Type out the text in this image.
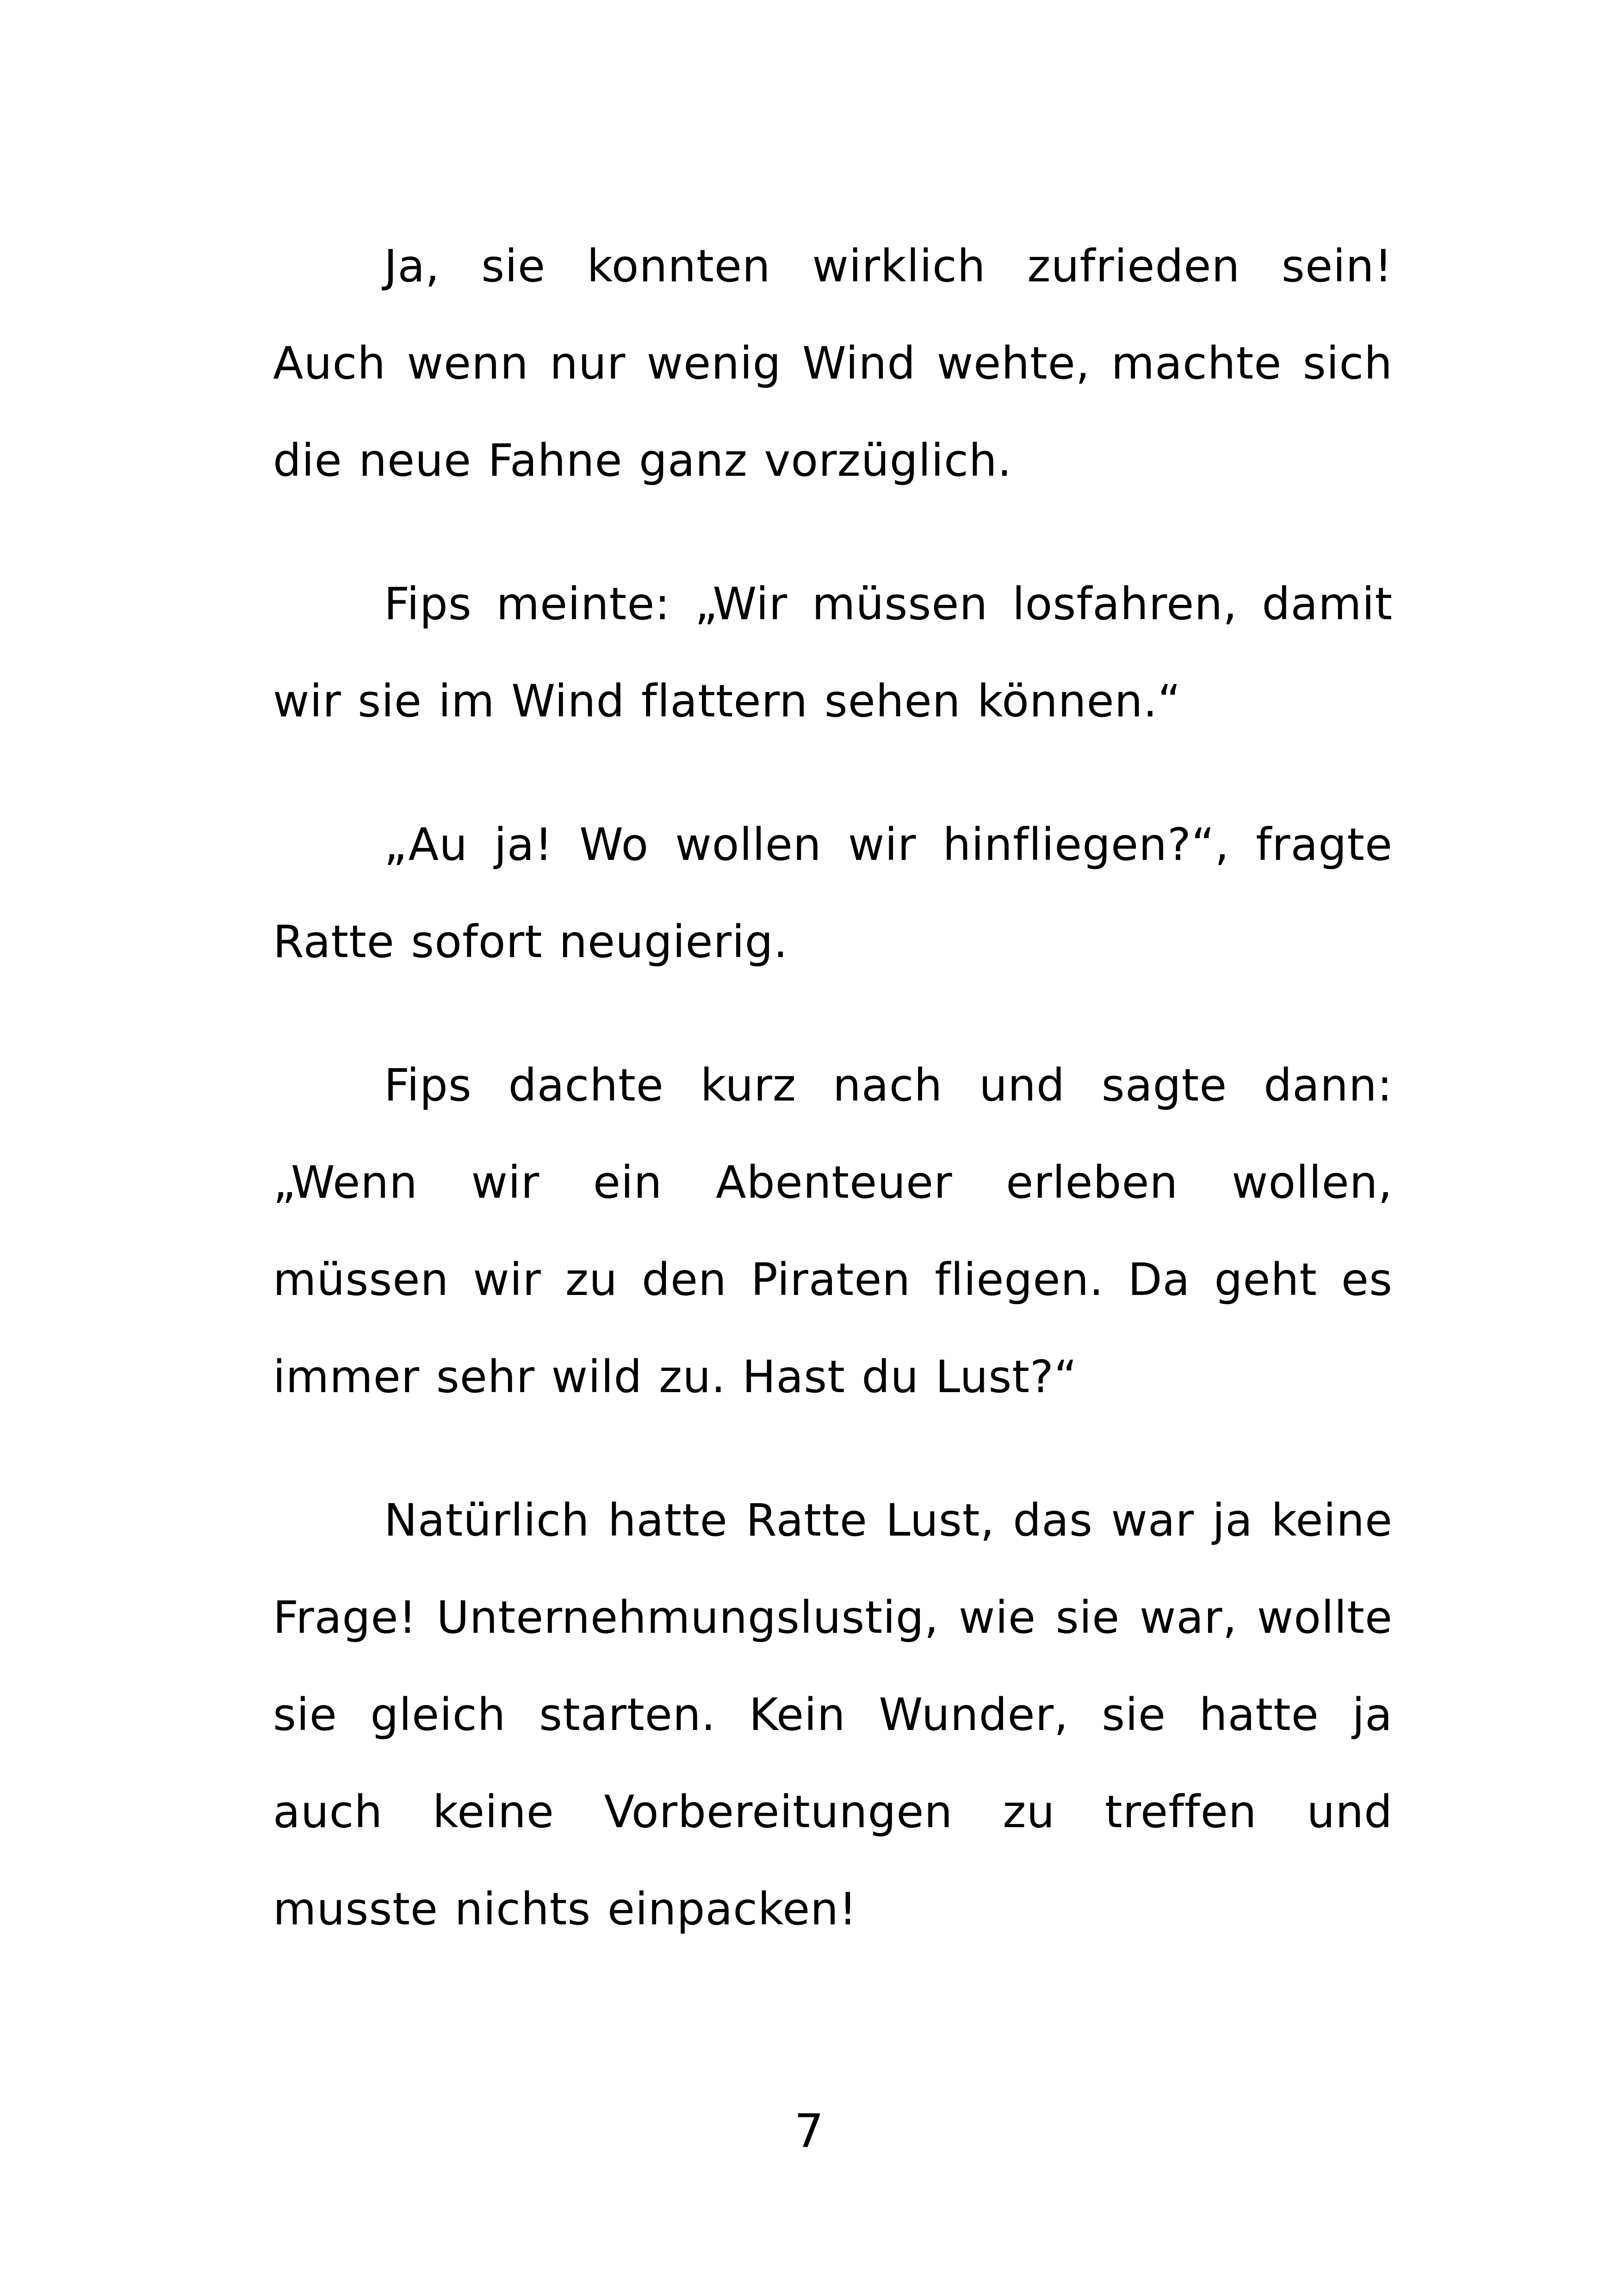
Ja, sie konnten wirklich zufrieden sein! Auch wenn nur wenig Wind wehte, machte sich die neue Fahne ganz vorzüglich.

Fips meinte: „Wir müssen losfahren, damit wir sie im Wind flattern sehen können.“

„Au ja! Wo wollen wir hinfliegen?“, fragte Ratte sofort neugierig.

Fips dachte kurz nach und sagte dann: „Wenn wir ein Abenteuer erleben wollen, müssen wir zu den Piraten fliegen. Da geht es immer sehr wild zu. Hast du Lust?“

Natürlich hatte Ratte Lust, das war ja keine Frage! Unternehmungslustig, wie sie war, wollte sie gleich starten. Kein Wunder, sie hatte ja auch keine Vorbereitungen zu treffen und musste nichts einpacken!

7
